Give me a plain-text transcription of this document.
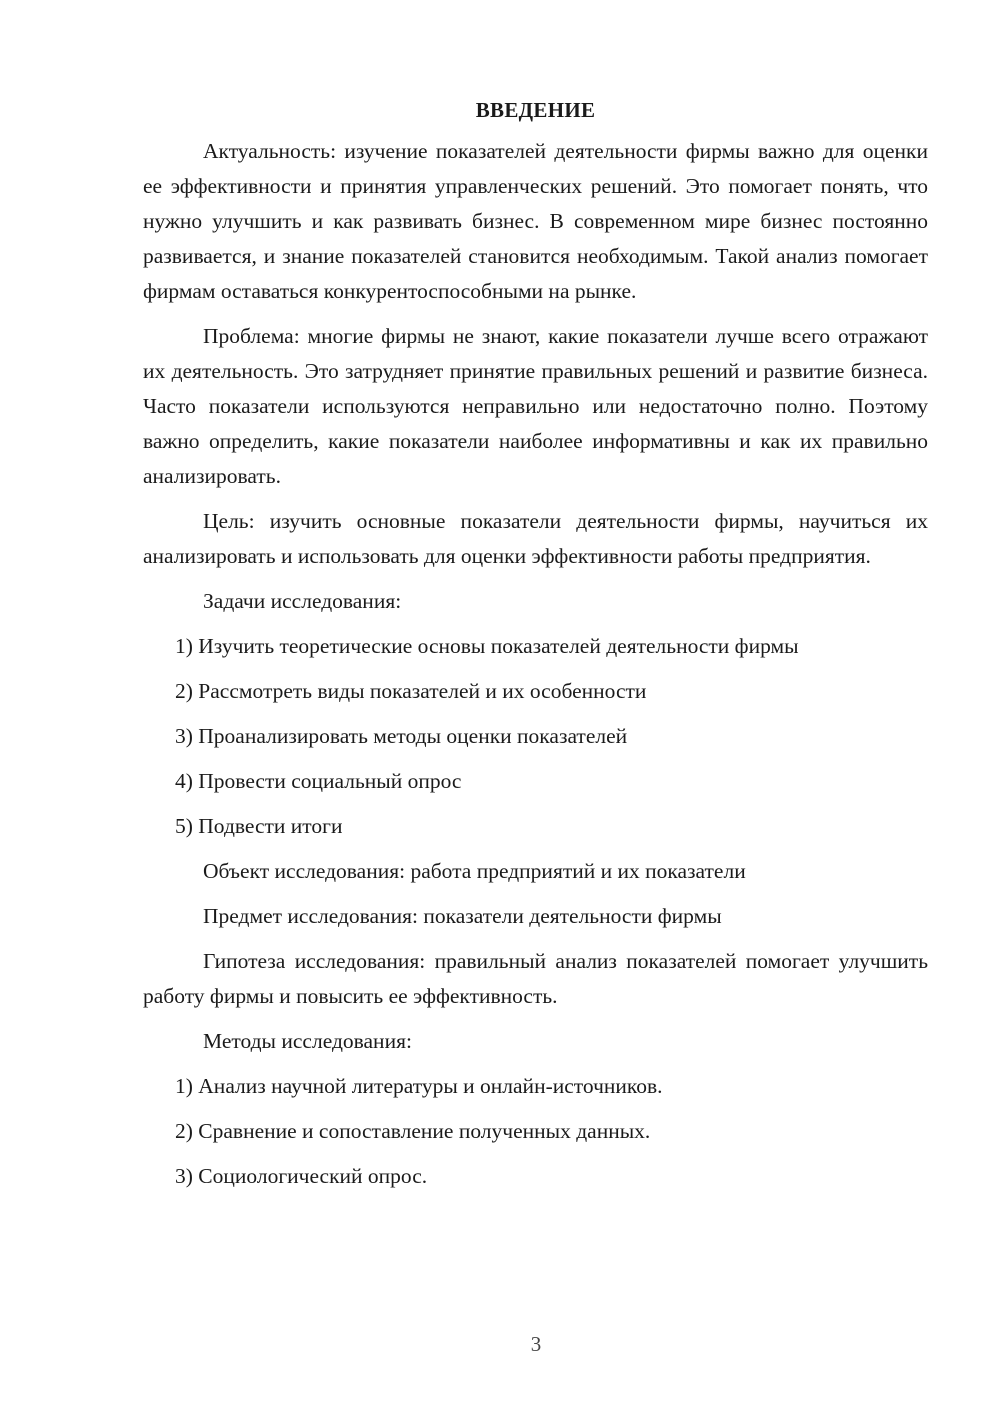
ВВЕДЕНИЕ

Актуальность: изучение показателей деятельности фирмы важно для оценки ее эффективности и принятия управленческих решений. Это помогает понять, что нужно улучшить и как развивать бизнес. В современном мире бизнес постоянно развивается, и знание показателей становится необходимым. Такой анализ помогает фирмам оставаться конкурентоспособными на рынке.

Проблема: многие фирмы не знают, какие показатели лучше всего отражают их деятельность. Это затрудняет принятие правильных решений и развитие бизнеса. Часто показатели используются неправильно или недостаточно полно. Поэтому важно определить, какие показатели наиболее информативны и как их правильно анализировать.

Цель: изучить основные показатели деятельности фирмы, научиться их анализировать и использовать для оценки эффективности работы предприятия.

Задачи исследования:
1) Изучить теоретические основы показателей деятельности фирмы
2) Рассмотреть виды показателей и их особенности
3) Проанализировать методы оценки показателей
4) Провести социальный опрос
5) Подвести итоги
Объект исследования: работа предприятий и их показатели
Предмет исследования: показатели деятельности фирмы

Гипотеза исследования: правильный анализ показателей помогает улучшить работу фирмы и повысить ее эффективность.

Методы исследования:
1) Анализ научной литературы и онлайн-источников.
2) Сравнение и сопоставление полученных данных.
3) Социологический опрос.
3
